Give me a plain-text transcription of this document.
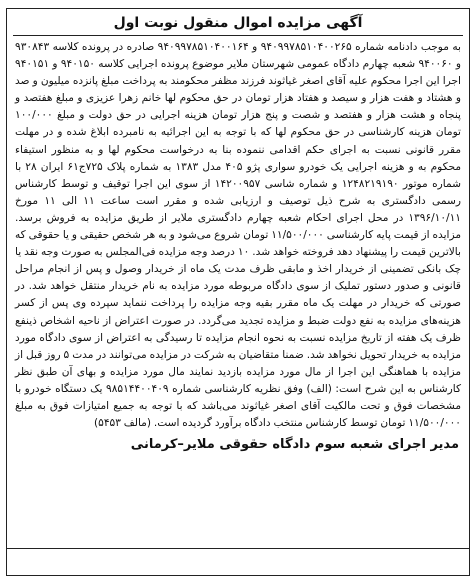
آگهی مزایده اموال منقول نوبت اول

به موجب دادنامه شماره ۹۴۰۹۹۷۸۵۱۰۴۰۰۲۶۵ و ۹۴۰۹۹۷۸۵۱۰۴۰۰۱۶۴ صادره در پرونده کلاسه ۹۳۰۸۴۳ و ۹۴۰۰۶۰ شعبه چهارم دادگاه عمومی شهرستان ملایر موضوع پرونده اجرایی کلاسه ۹۴۰۱۵۰ و ۹۴۰۱۵۱ اجرا این اجرا محکوم علیه آقای اصغر غیاثوند فرزند مظفر محکومند به پرداخت مبلغ پانزده میلیون و صد و هشتاد و هفت هزار و سیصد و هفتاد هزار تومان در حق محکوم لها خانم زهرا عزیزی و مبلغ هفتصد و پنجاه و هشت هزار و هفتصد و شصت و پنج هزار تومان هزینه اجرایی در حق دولت و مبلغ ۱۰۰/۰۰۰ تومان هزینه کارشناسی در حق محکوم لها که با توجه به این اجرائیه به نامبرده ابلاغ شده و در مهلت مقرر قانونی نسبت به اجرای حکم اقدامی ننموده بنا به درخواست محکوم لها و به منظور استیفاء محکوم به و هزینه اجرایی یک خودرو سواری پژو ۴۰۵ مدل ۱۳۸۳ به شماره پلاک ۷۲۵ج۶۱ ایران ۲۸ با شماره موتور ۱۲۴۸۲۱۹۱۹۰ و شماره شاسی ۱۴۲۰۰۹۵۷ از سوی این اجرا توقیف و توسط کارشناس رسمی دادگستری به شرح ذیل توصیف و ارزیابی شده و مقرر است ساعت ۱۱ الی ۱۱ مورخ ۱۳۹۶/۱۰/۱۱ در محل اجرای احکام شعبه چهارم دادگستری ملایر از طریق مزایده به فروش برسد. مزایده از قیمت پایه کارشناسی ۱۱/۵۰۰/۰۰۰ تومان شروع می‌شود و به هر شخص حقیقی و یا حقوقی که بالاترین قیمت را پیشنهاد دهد فروخته خواهد شد. ۱۰ درصد وجه مزایده فی‌المجلس به صورت وجه نقد یا چک بانکی تضمینی از خریدار اخذ و مابقی ظرف مدت یک ماه از خریدار وصول و پس از انجام مراحل قانونی و صدور دستور تملیک از سوی دادگاه مربوطه مورد مزایده به نام خریدار منتقل خواهد شد. در صورتی که خریدار در مهلت یک ماه مقرر بقیه وجه مزایده را پرداخت ننماید سپرده وی پس از کسر هزینه‌های مزایده به نفع دولت ضبط و مزایده تجدید می‌گردد. در صورت اعتراض از ناحیه اشخاص ذینفع ظرف یک هفته از تاریخ مزایده نسبت به نحوه انجام مزایده تا رسیدگی به اعتراض از سوی دادگاه مورد مزایده به خریدار تحویل نخواهد شد. ضمنا متقاضیان به شرکت در مزایده می‌توانند در مدت ۵ روز قبل از مزایده با هماهنگی این اجرا از مال مورد مزایده بازدید نمایند مال مورد مزایده و بهای آن طبق نظر کارشناس به این شرح است: (الف) وفق نظریه کارشناسی شماره ۹۸۵۱۴۴۰۰۴۰۹ یک دستگاه خودرو با مشخصات فوق و تحت مالکیت آقای اصغر غیاثوند می‌باشد که با توجه به جمیع امتیازات فوق به مبلغ ۱۱/۵۰۰/۰۰۰ تومان توسط کارشناس منتخب دادگاه برآورد گردیده است. (مالف ۵۴۵۳)

مدیر اجرای شعبه سوم دادگاه حقوقی ملایر–کرمانی
